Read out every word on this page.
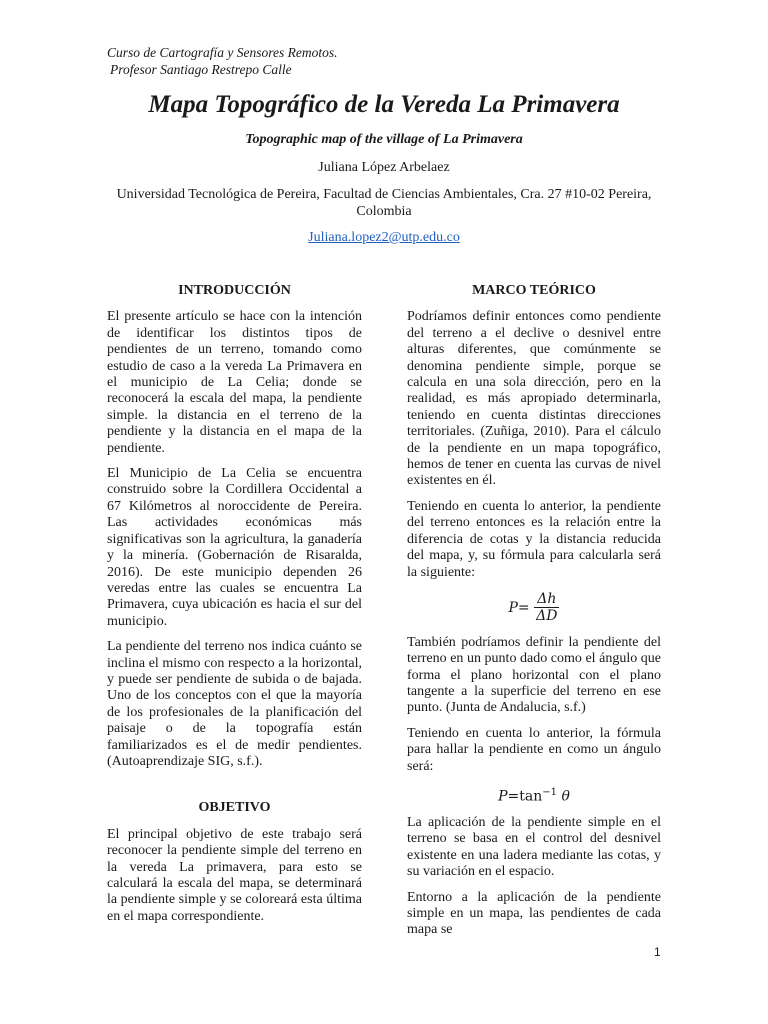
Curso de Cartografía y Sensores Remotos.
Profesor Santiago Restrepo Calle
Mapa Topográfico de la Vereda La Primavera
Topographic map of the village of La Primavera
Juliana López Arbelaez
Universidad Tecnológica de Pereira, Facultad de Ciencias Ambientales, Cra. 27 #10-02 Pereira, Colombia
Juliana.lopez2@utp.edu.co
INTRODUCCIÓN

El presente artículo se hace con la intención de identificar los distintos tipos de pendientes de un terreno, tomando como estudio de caso a la vereda La Primavera en el municipio de La Celia; donde se reconocerá la escala del mapa, la pendiente simple. la distancia en el terreno de la pendiente y la distancia en el mapa de la pendiente.

El Municipio de La Celia se encuentra construido sobre la Cordillera Occidental a 67 Kilómetros al noroccidente de Pereira. Las actividades económicas más significativas son la agricultura, la ganadería y la minería. (Gobernación de Risaralda, 2016). De este municipio dependen 26 veredas entre las cuales se encuentra La Primavera, cuya ubicación es hacia el sur del municipio.

La pendiente del terreno nos indica cuánto se inclina el mismo con respecto a la horizontal, y puede ser pendiente de subida o de bajada. Uno de los conceptos con el que la mayoría de los profesionales de la planificación del paisaje o de la topografía están familiarizados es el de medir pendientes. (Autoaprendizaje SIG, s.f.).

OBJETIVO

El principal objetivo de este trabajo será reconocer la pendiente simple del terreno en la vereda La primavera, para esto se calculará la escala del mapa, se determinará la pendiente simple y se coloreará esta última en el mapa correspondiente.

MARCO TEÓRICO

Podríamos definir entonces como pendiente del terreno a el declive o desnivel entre alturas diferentes, que comúnmente se denomina pendiente simple, porque se calcula en una sola dirección, pero en la realidad, es más apropiado determinarla, teniendo en cuenta distintas direcciones territoriales. (Zuñiga, 2010). Para el cálculo de la pendiente en un mapa topográfico, hemos de tener en cuenta las curvas de nivel existentes en él.

Teniendo en cuenta lo anterior, la pendiente del terreno entonces es la relación entre la diferencia de cotas y la distancia reducida del mapa, y, su fórmula para calcularla será la siguiente:

$P= \frac{\Delta h}{\Delta D}$

También podríamos definir la pendiente del terreno en un punto dado como el ángulo que forma el plano horizontal con el plano tangente a la superficie del terreno en ese punto. (Junta de Andalucia, s.f.)

Teniendo en cuenta lo anterior, la fórmula para hallar la pendiente en como un ángulo será:

$P=\tan^{-1}$ θ

La aplicación de la pendiente simple en el terreno se basa en el control del desnivel existente en una ladera mediante las cotas, y su variación en el espacio.

Entorno a la aplicación de la pendiente simple en un mapa, las pendientes de cada mapa se

1
